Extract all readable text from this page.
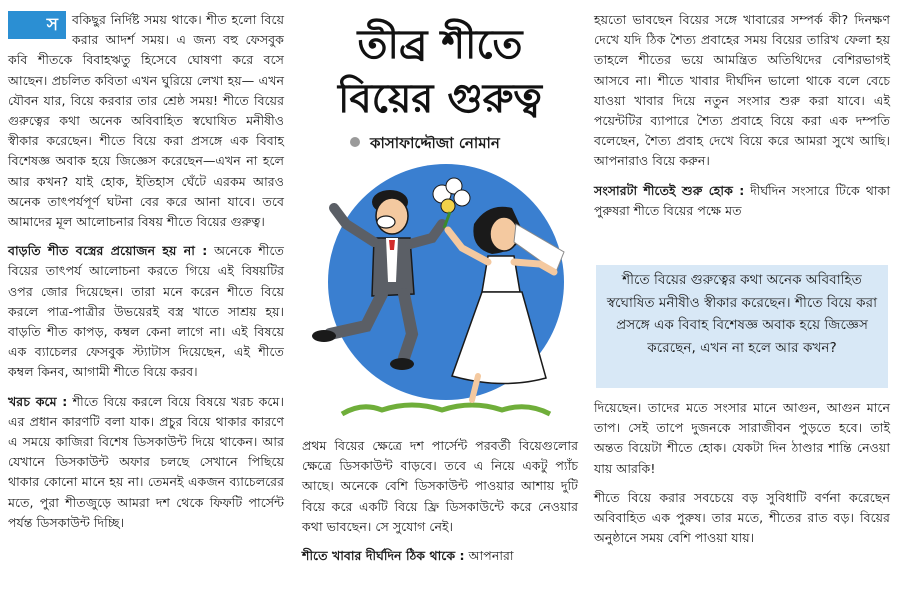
স	বকিছুর নির্দিষ্ট সময় থাকে। শীত হলো বিয়ে করার আদর্শ সময়। এ জন্য বহু ফেসবুক কবি শীতকে বিবাহঋতু হিসেবে ঘোষণা করে বসে আছেন। প্রচলিত কবিতা এখন ঘুরিয়ে লেখা হয়— এখন যৌবন যার, বিয়ে করবার তার শ্রেষ্ঠ সময়! শীতে বিয়ের গুরুত্বের কথা অনেক অবিবাহিত স্বঘোষিত মনীষীও স্বীকার করেছেন। শীতে বিয়ে করা প্রসঙ্গে এক বিবাহ বিশেষজ্ঞ অবাক হয়ে জিজ্ঞেস করেছেন—এখন না হলে আর কখন? যাই হোক, ইতিহাস ঘেঁটে এরকম আরও অনেক তাৎপর্যপূর্ণ ঘটনা বের করে আনা যাবে। তবে আমাদের মূল আলোচনার বিষয় শীতে বিয়ের গুরুত্ব।

বাড়তি শীত বস্ত্রের প্রয়োজন হয় না : অনেকে শীতে বিয়ের তাৎপর্য আলোচনা করতে গিয়ে এই বিষয়টির ওপর জোর দিয়েছেন। তারা মনে করেন শীতে বিয়ে করলে পাত্র-পাত্রীর উভয়েরই বস্ত্র খাতে সাশ্রয় হয়। বাড়তি শীত কাপড়, কম্বল কেনা লাগে না। এই বিষয়ে এক ব্যাচেলর ফেসবুক স্ট্যাটাস দিয়েছেন, এই শীতে কম্বল কিনব, আগামী শীতে বিয়ে করব।

খরচ কমে : শীতে বিয়ে করলে বিয়ে বিষয়ে খরচ কমে। এর প্রধান কারণটি বলা যাক। প্রচুর বিয়ে থাকার কারণে এ সময়ে কাজিরা বিশেষ ডিসকাউন্ট দিয়ে থাকেন। আর যেখানে ডিসকাউন্ট অফার চলছে সেখানে পিছিয়ে থাকার কোনো মানে হয় না। তেমনই একজন ব্যাচেলরের মতে, পুরা শীতজুড়ে আমরা দশ থেকে ফিফটি পার্সেন্ট পর্যন্ত ডিসকাউন্ট দিচ্ছি।

তীব্র শীতে
বিয়ের গুরুত্ব
কাসাফাদ্দৌজা নোমান

প্রথম বিয়ের ক্ষেত্রে দশ পার্সেন্ট পরবর্তী বিয়েগুলোর ক্ষেত্রে ডিসকাউন্ট বাড়বে। তবে এ নিয়ে একটু প্যাঁচ আছে। অনেকে বেশি ডিসকাউন্ট পাওয়ার আশায় দুটি বিয়ে করে একটি বিয়ে ফ্রি ডিসকাউন্টে করে নেওয়ার কথা ভাবছেন। সে সুযোগ নেই।

শীতে খাবার দীর্ঘদিন ঠিক থাকে : আপনারা

হয়তো ভাবছেন বিয়ের সঙ্গে খাবারের সম্পর্ক কী? দিনক্ষণ দেখে যদি ঠিক শৈত্য প্রবাহের সময় বিয়ের তারিখ ফেলা হয় তাহলে শীতের ভয়ে আমন্ত্রিত অতিথিদের বেশিরভাগই আসবে না। শীতে খাবার দীর্ঘদিন ভালো থাকে বলে বেচে যাওয়া খাবার দিয়ে নতুন সংসার শুরু করা যাবে। এই পয়েন্টটির ব্যাপারে শৈত্য প্রবাহে বিয়ে করা এক দম্পতি বলেছেন, শৈত্য প্রবাহ দেখে বিয়ে করে আমরা সুখে আছি। আপনারাও বিয়ে করুন।

সংসারটা শীতেই শুরু হোক : দীর্ঘদিন সংসারে টিকে থাকা পুরুষরা শীতে বিয়ের পক্ষে মত

শীতে বিয়ের গুরুত্বের কথা অনেক অবিবাহিত স্বঘোষিত মনীষীও স্বীকার করেছেন। শীতে বিয়ে করা প্রসঙ্গে এক বিবাহ বিশেষজ্ঞ অবাক হয়ে জিজ্ঞেস করেছেন, এখন না হলে আর কখন?

দিয়েছেন। তাদের মতে সংসার মানে আগুন, আগুন মানে তাপ। সেই তাপে দুজনকে সারাজীবন পুড়তে হবে। তাই অন্তত বিয়েটা শীতে হোক। যেকটা দিন ঠাণ্ডার শান্তি নেওয়া যায় আরকি!

শীতে বিয়ে করার সবচেয়ে বড় সুবিধাটি বর্ণনা করেছেন অবিবাহিত এক পুরুষ। তার মতে, শীতের রাত বড়। বিয়ের অনুষ্ঠানে সময় বেশি পাওয়া যায়।
